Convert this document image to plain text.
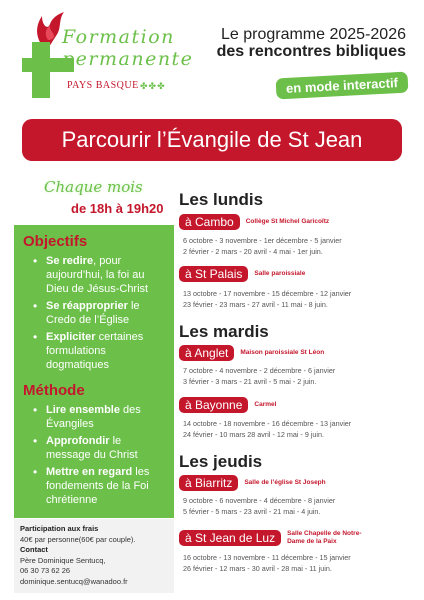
Formation
permanente
PAYS BASQUE ✤✤✤
Le programme 2025-2026
des rencontres bibliques
en mode interactif
Parcourir l’Évangile de St Jean
Chaque mois
de 18h à 19h20
Objectifs
• Se redire, pour aujourd’hui, la foi au Dieu de Jésus-Christ
• Se réapproprier le Credo de l’Église
• Expliciter certaines formulations dogmatiques
Méthode
• Lire ensemble des Évangiles
• Approfondir le message du Christ
• Mettre en regard les fondements de la Foi chrétienne
Participation aux frais
40€ par personne(60€ par couple).
Contact
Père Dominique Sentucq,
06 30 73 62 26
dominique.sentucq@wanadoo.fr
Les lundis
à Cambo	Collège St Michel Garicoïtz
6 octobre - 3 novembre - 1er décembre - 5 janvier
2 février - 2 mars - 20 avril - 4 mai - 1er juin.
à St Palais	Salle paroissiale
13 octobre - 17 novembre - 15 décembre - 12 janvier
23 février - 23 mars - 27 avril - 11 mai - 8 juin.
Les mardis
à Anglet	Maison paroissiale St Léon
7 octobre - 4 novembre - 2 décembre - 6 janvier
3 février - 3 mars - 21 avril - 5 mai - 2 juin.
à Bayonne	Carmel
14 octobre - 18 novembre - 16 décembre - 13 janvier
24 février - 10 mars 28 avril - 12 mai - 9 juin.
Les jeudis
à Biarritz	Salle de l’église St Joseph
9 octobre - 6 novembre - 4 décembre - 8 janvier
5 février - 5 mars - 23 avril - 21 mai - 4 juin.
à St Jean de Luz	Salle Chapelle de Notre-Dame de la Paix
16 octobre - 13 novembre - 11 décembre - 15 janvier
26 février - 12 mars - 30 avril - 28 mai - 11 juin.
